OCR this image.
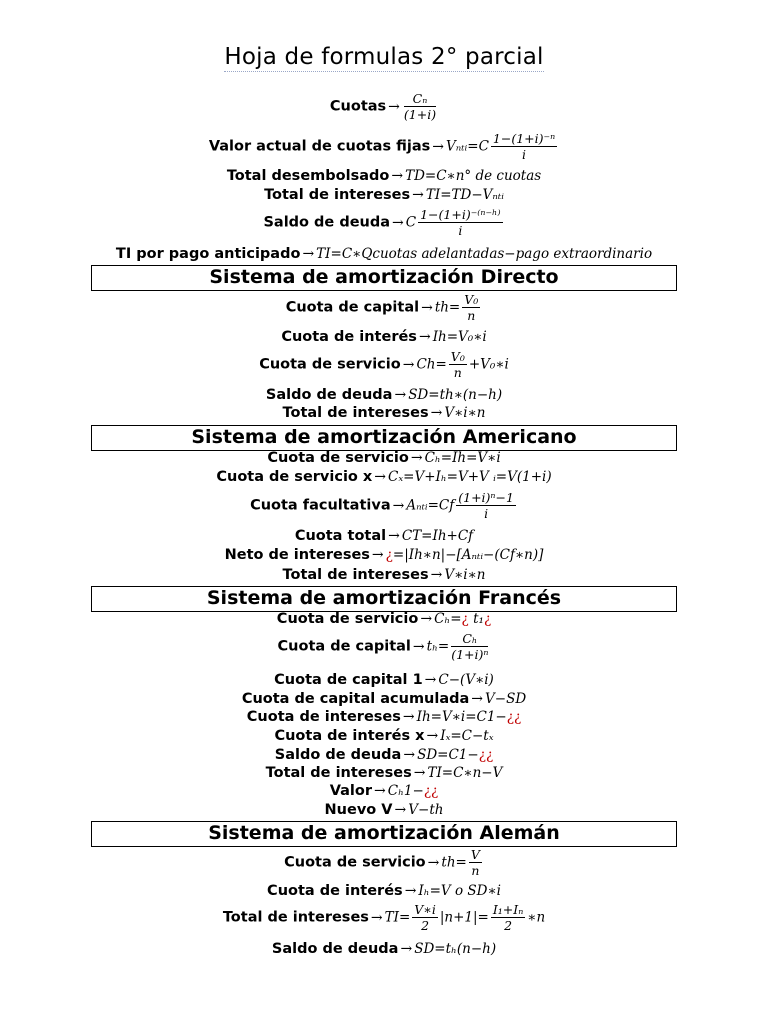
Hoja de formulas 2° parcial
Cuotas → $\frac{\text{Cₙ}}{(1+i)}$
Valor actual de cuotas fijas → Vₙₜᵢ=C $\frac{\text{1−(1+i)⁻ⁿ}}{i}$
Total desembolsado → TD=C∗n° de cuotas
Total de intereses → TI=TD−Vₙₜᵢ
Saldo de deuda → C $\frac{\text{1−(1+i)⁻⁽ⁿ⁻ʰ⁾}}{i}$
TI por pago anticipado → TI=C∗Qcuotas adelantadas−pago extraordinario
Sistema de amortización Directo
Cuota de capital → $th= \frac{\text{V₀}}{n}$
Cuota de interés → Ih=V₀∗i
Cuota de servicio → $Ch= \frac{\text{V₀}}{n}$ +V₀∗i
Saldo de deuda → SD=th∗(n−h)
Total de intereses → V∗i∗n
Sistema de amortización Americano
Cuota de servicio → Cₕ=Ih=V∗i
Cuota de servicio x → Cₓ=V+Iₕ=V+V ᵢ=V(1+i)
Cuota facultativa → Aₙₜᵢ=Cf $\frac{\text{(1+i)ⁿ−1}}{i}$
Cuota total → CT=Ih+Cf
Neto de intereses → ¿=|Ih∗n|−[Aₙₜᵢ−(Cf∗n)]
Total de intereses → V∗i∗n
Sistema de amortización Francés
Cuota de servicio → Cₕ=¿ t₁¿
Cuota de capital → $t_h= \frac{\text{Cₕ}}{\text{(1+i)ⁿ}}$
Cuota de capital 1 → C−(V∗i)
Cuota de capital acumulada → V−SD
Cuota de intereses → Ih=V∗i=C1−¿¿
Cuota de interés x → Iₓ=C−tₓ
Saldo de deuda → SD=C1−¿¿
Total de intereses → TI=C∗n−V
Valor → Cₕ1−¿¿
Nuevo V → V−th
Sistema de amortización Alemán
Cuota de servicio → $th= \frac{V}{n}$
Cuota de interés → Iₕ=V o SD∗i
Total de intereses → $TI= \frac{V∗i}{2} |n+1|= \frac{\text{I₁+Iₙ}}{2}$ ∗n
Saldo de deuda → SD=tₕ(n−h)
